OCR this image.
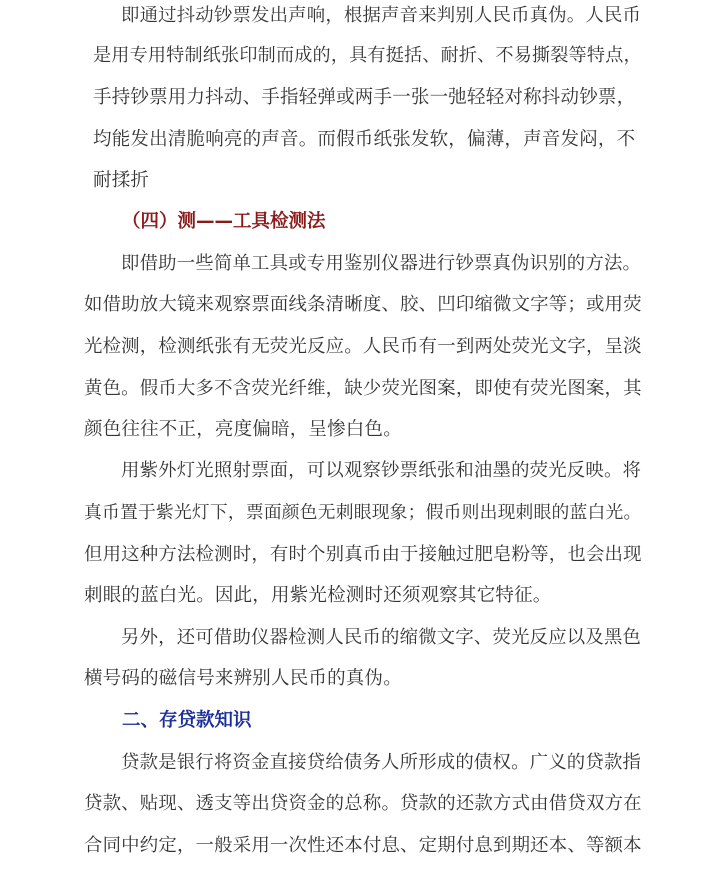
即通过抖动钞票发出声响，根据声音来判别人民币真伪。人民币
是用专用特制纸张印制而成的，具有挺括、耐折、不易撕裂等特点，
手持钞票用力抖动、手指轻弹或两手一张一弛轻轻对称抖动钞票，
均能发出清脆响亮的声音。而假币纸张发软，偏薄，声音发闷，不
耐揉折
（四）测——工具检测法
即借助一些简单工具或专用鉴别仪器进行钞票真伪识别的方法。
如借助放大镜来观察票面线条清晰度、胶、凹印缩微文字等；或用荧
光检测，检测纸张有无荧光反应。人民币有一到两处荧光文字，呈淡
黄色。假币大多不含荧光纤维，缺少荧光图案，即使有荧光图案，其
颜色往往不正，亮度偏暗，呈惨白色。
用紫外灯光照射票面，可以观察钞票纸张和油墨的荧光反映。将
真币置于紫光灯下，票面颜色无刺眼现象；假币则出现刺眼的蓝白光。
但用这种方法检测时，有时个别真币由于接触过肥皂粉等，也会出现
刺眼的蓝白光。因此，用紫光检测时还须观察其它特征。
另外，还可借助仪器检测人民币的缩微文字、荧光反应以及黑色
横号码的磁信号来辨别人民币的真伪。
二、存贷款知识
贷款是银行将资金直接贷给债务人所形成的债权。广义的贷款指
贷款、贴现、透支等出贷资金的总称。贷款的还款方式由借贷双方在
合同中约定，一般采用一次性还本付息、定期付息到期还本、等额本
